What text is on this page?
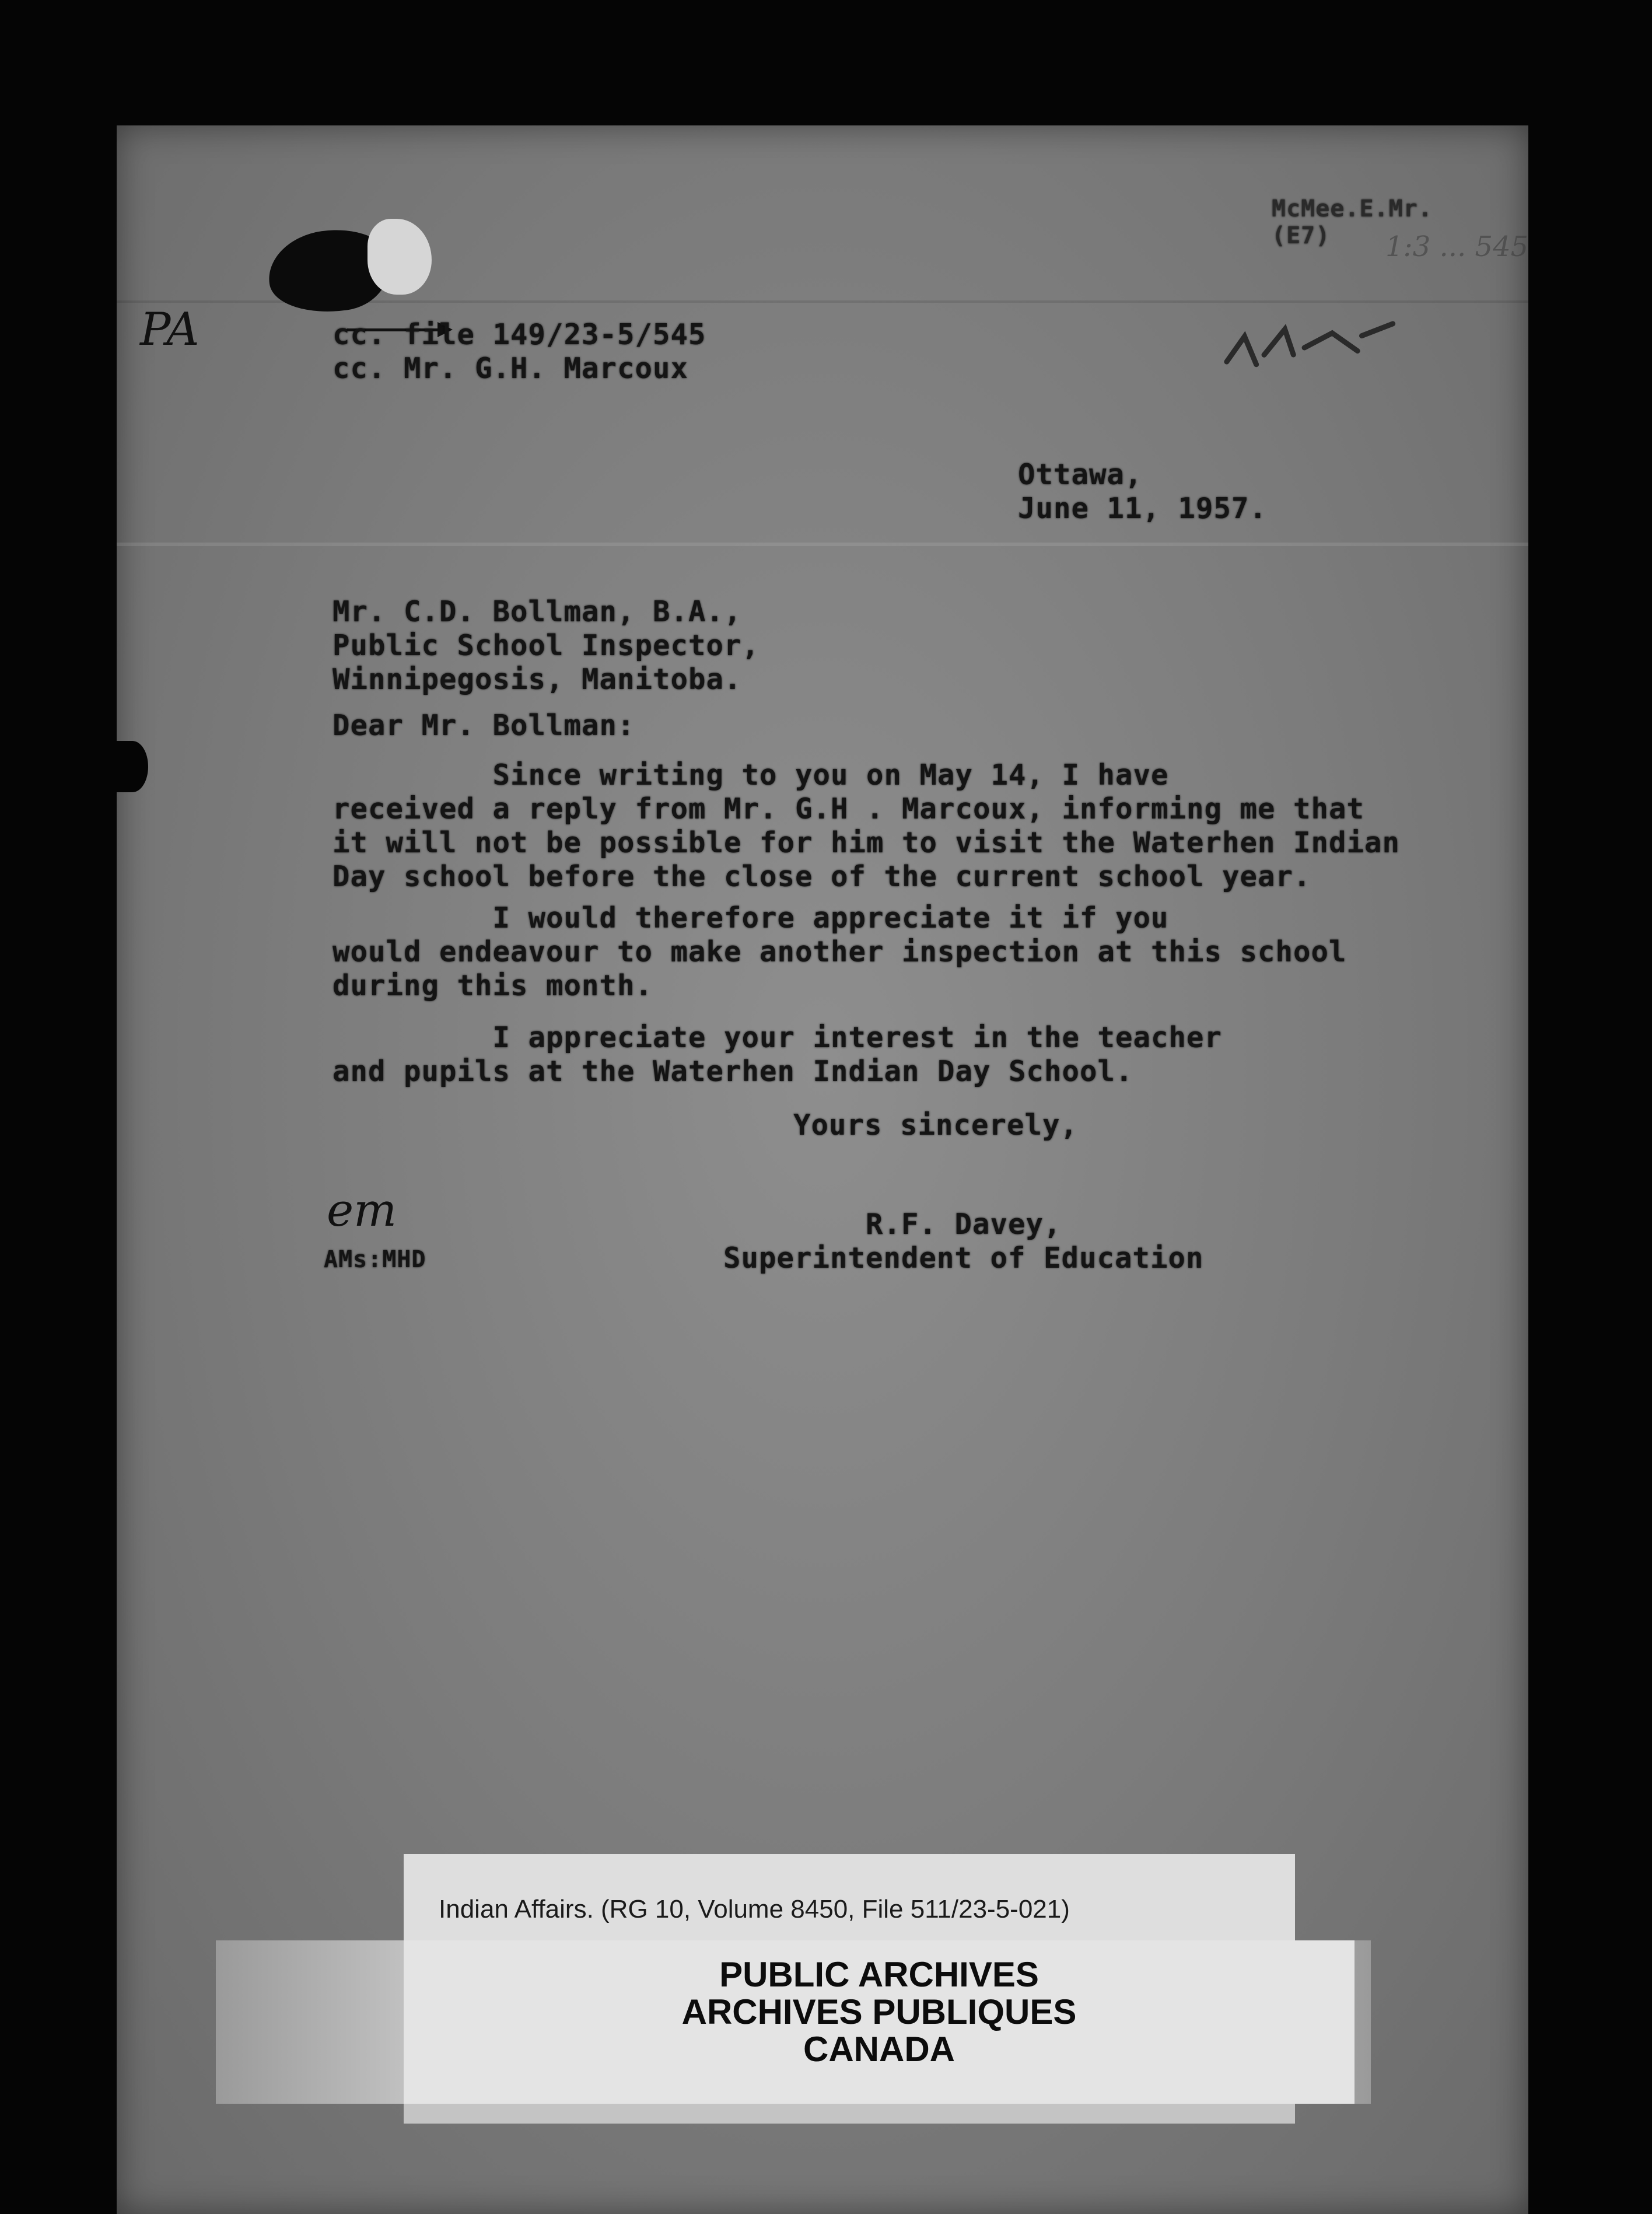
McMee.E.Mr.
(E7)	1:3 ... 545
PA	cc. file 149/23-5/545
cc. Mr. G.H. Marcoux
Ottawa,
June 11, 1957.
Mr. C.D. Bollman, B.A.,
Public School Inspector,
Winnipegosis, Manitoba.
Dear Mr. Bollman:
Since writing to you on May 14, I have
received a reply from Mr. G.H . Marcoux, informing me that
it will not be possible for him to visit the Waterhen Indian
Day school before the close of the current school year.
I would therefore appreciate it if you
would endeavour to make another inspection at this school
during this month.
I appreciate your interest in the teacher
and pupils at the Waterhen Indian Day School.
Yours sincerely,
em
AMs:MHD
R.F. Davey,
Superintendent of Education
Indian Affairs. (RG 10, Volume 8450, File 511/23-5-021)

PUBLIC ARCHIVES

ARCHIVES PUBLIQUES

CANADA
